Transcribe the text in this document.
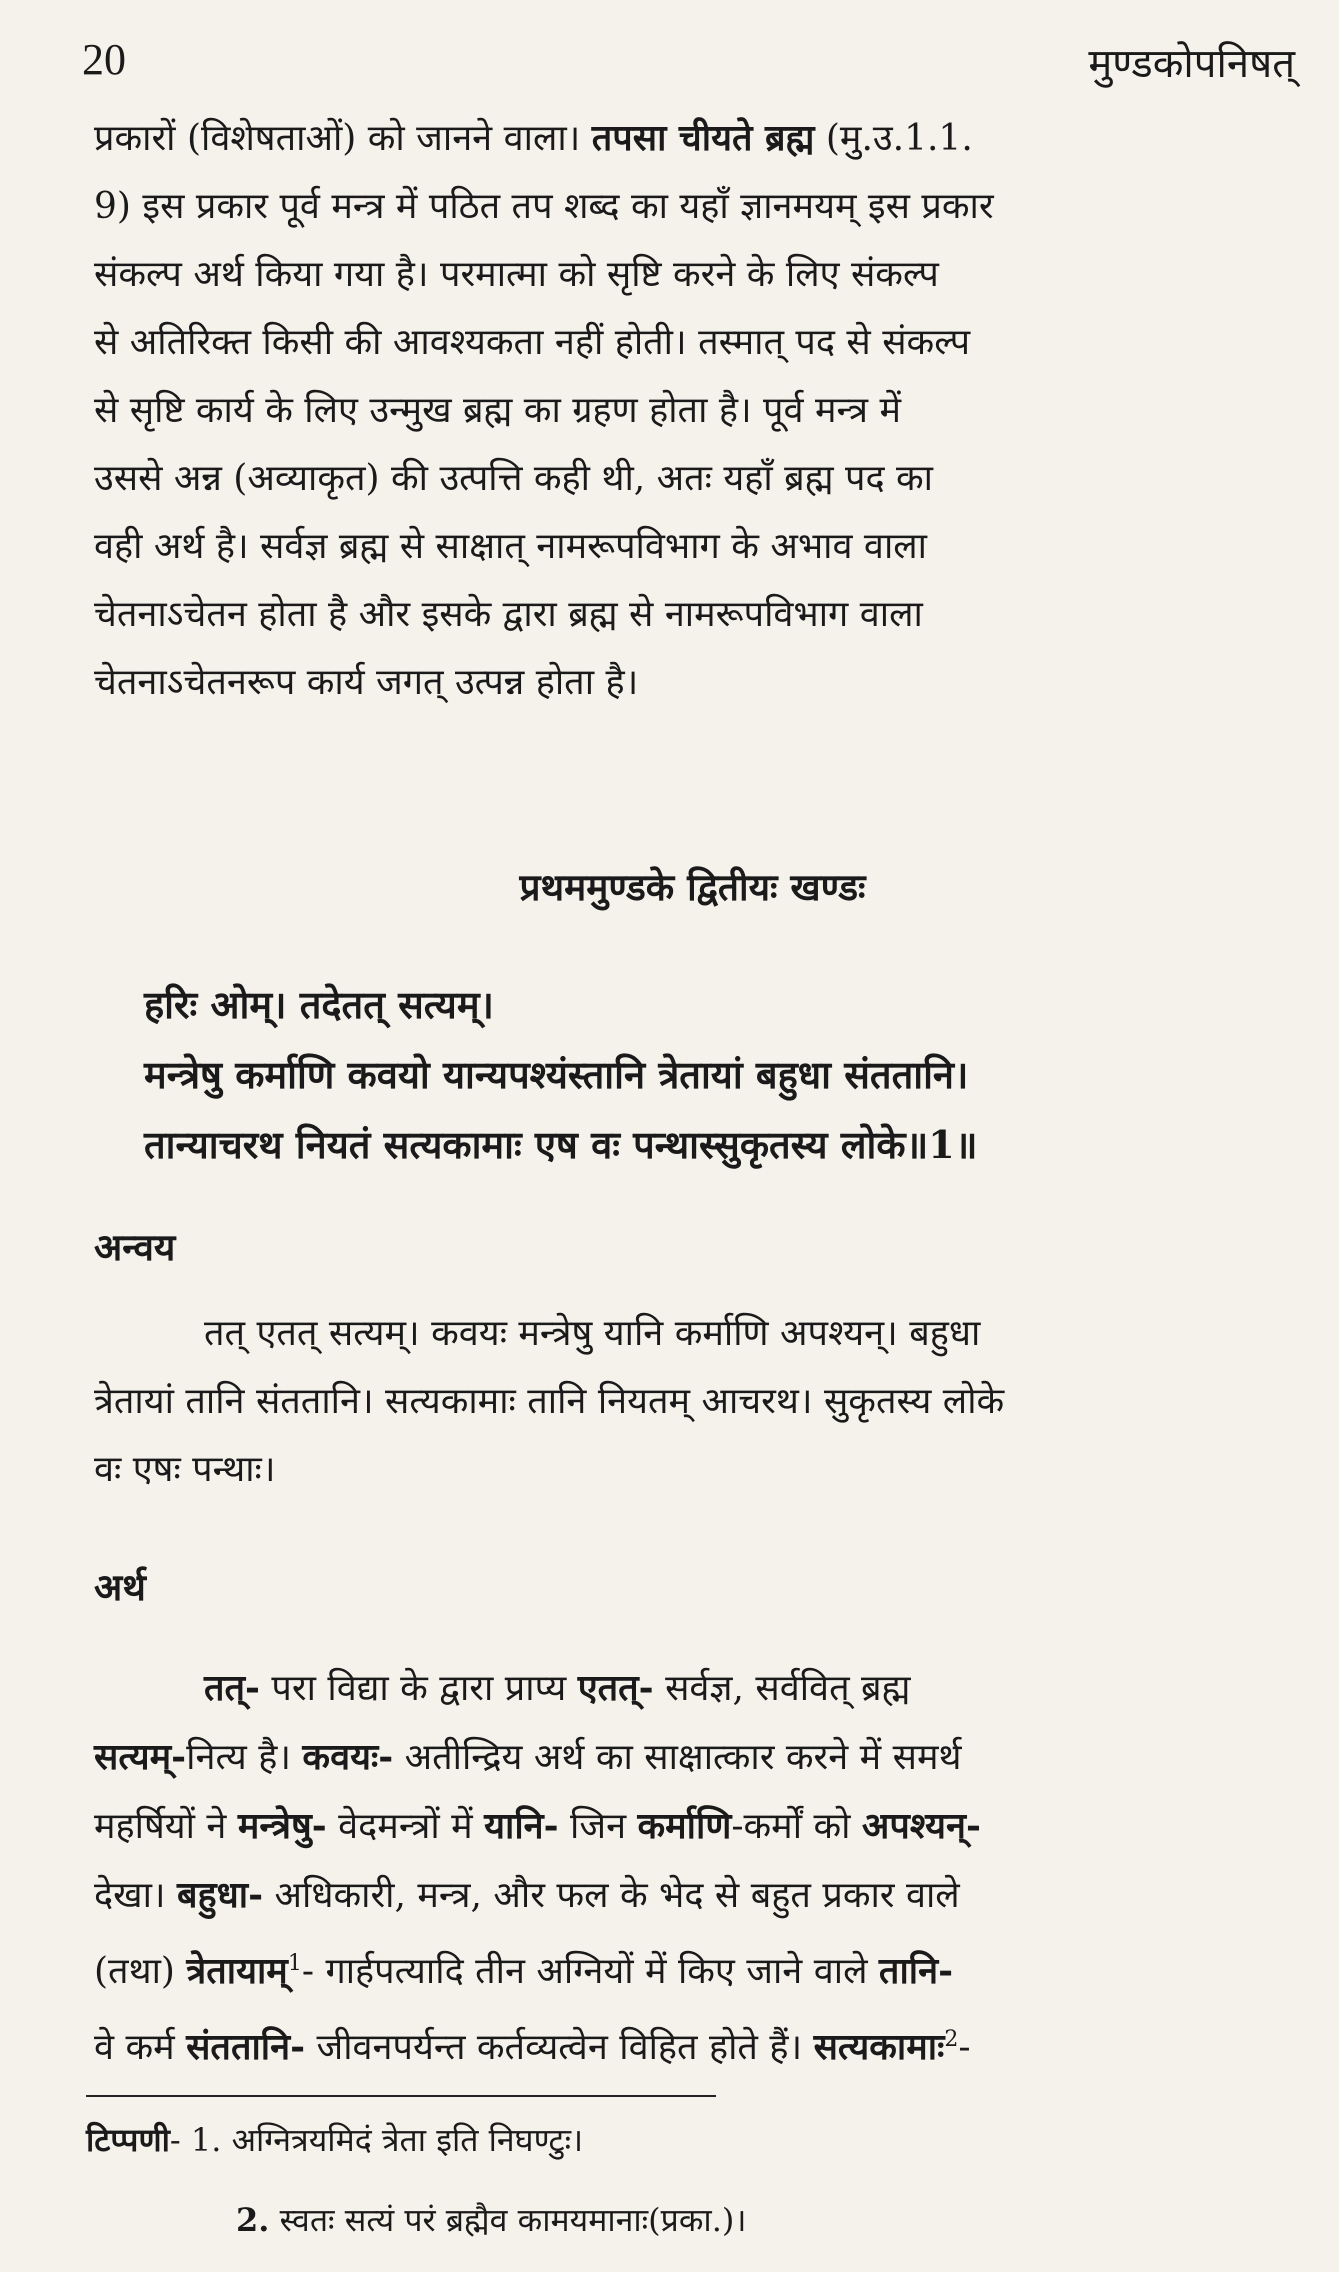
20	मुण्डकोपनिषत्
प्रकारों (विशेषताओं) को जानने वाला। तपसा चीयते ब्रह्म (मु.उ.1.1.
9) इस प्रकार पूर्व मन्त्र में पठित तप शब्द का यहाँ ज्ञानमयम् इस प्रकार
संकल्प अर्थ किया गया है। परमात्मा को सृष्टि करने के लिए संकल्प
से अतिरिक्त किसी की आवश्यकता नहीं होती। तस्मात् पद से संकल्प
से सृष्टि कार्य के लिए उन्मुख ब्रह्म का ग्रहण होता है। पूर्व मन्त्र में
उससे अन्न (अव्याकृत) की उत्पत्ति कही थी, अतः यहाँ ब्रह्म पद का
वही अर्थ है। सर्वज्ञ ब्रह्म से साक्षात् नामरूपविभाग के अभाव वाला
चेतनाऽचेतन होता है और इसके द्वारा ब्रह्म से नामरूपविभाग वाला
चेतनाऽचेतनरूप कार्य जगत् उत्पन्न होता है।
प्रथममुण्डके द्वितीयः खण्डः
हरिः ओम्। तदेतत् सत्यम्।
मन्त्रेषु कर्माणि कवयो यान्यपश्यंस्तानि त्रेतायां बहुधा संततानि।
तान्याचरथ नियतं सत्यकामाः एष वः पन्थास्सुकृतस्य लोके॥1॥
अन्वय
तत् एतत् सत्यम्। कवयः मन्त्रेषु यानि कर्माणि अपश्यन्। बहुधा
त्रेतायां तानि संततानि। सत्यकामाः तानि नियतम् आचरथ। सुकृतस्य लोके
वः एषः पन्थाः।
अर्थ
तत्- परा विद्या के द्वारा प्राप्य एतत्- सर्वज्ञ, सर्ववित् ब्रह्म
सत्यम्-नित्य है। कवयः- अतीन्द्रिय अर्थ का साक्षात्कार करने में समर्थ
महर्षियों ने मन्त्रेषु- वेदमन्त्रों में यानि- जिन कर्माणि-कर्मों को अपश्यन्-
देखा। बहुधा- अधिकारी, मन्त्र, और फल के भेद से बहुत प्रकार वाले
(तथा) त्रेतायाम्$^1$- गार्हपत्यादि तीन अग्नियों में किए जाने वाले तानि-
वे कर्म संततानि- जीवनपर्यन्त कर्तव्यत्वेन विहित होते हैं। सत्यकामाः$^2$-
टिप्पणी- 1. अग्नित्रयमिदं त्रेता इति निघण्टुः।
2. स्वतः सत्यं परं ब्रह्मैव कामयमानाः(प्रका.)।
